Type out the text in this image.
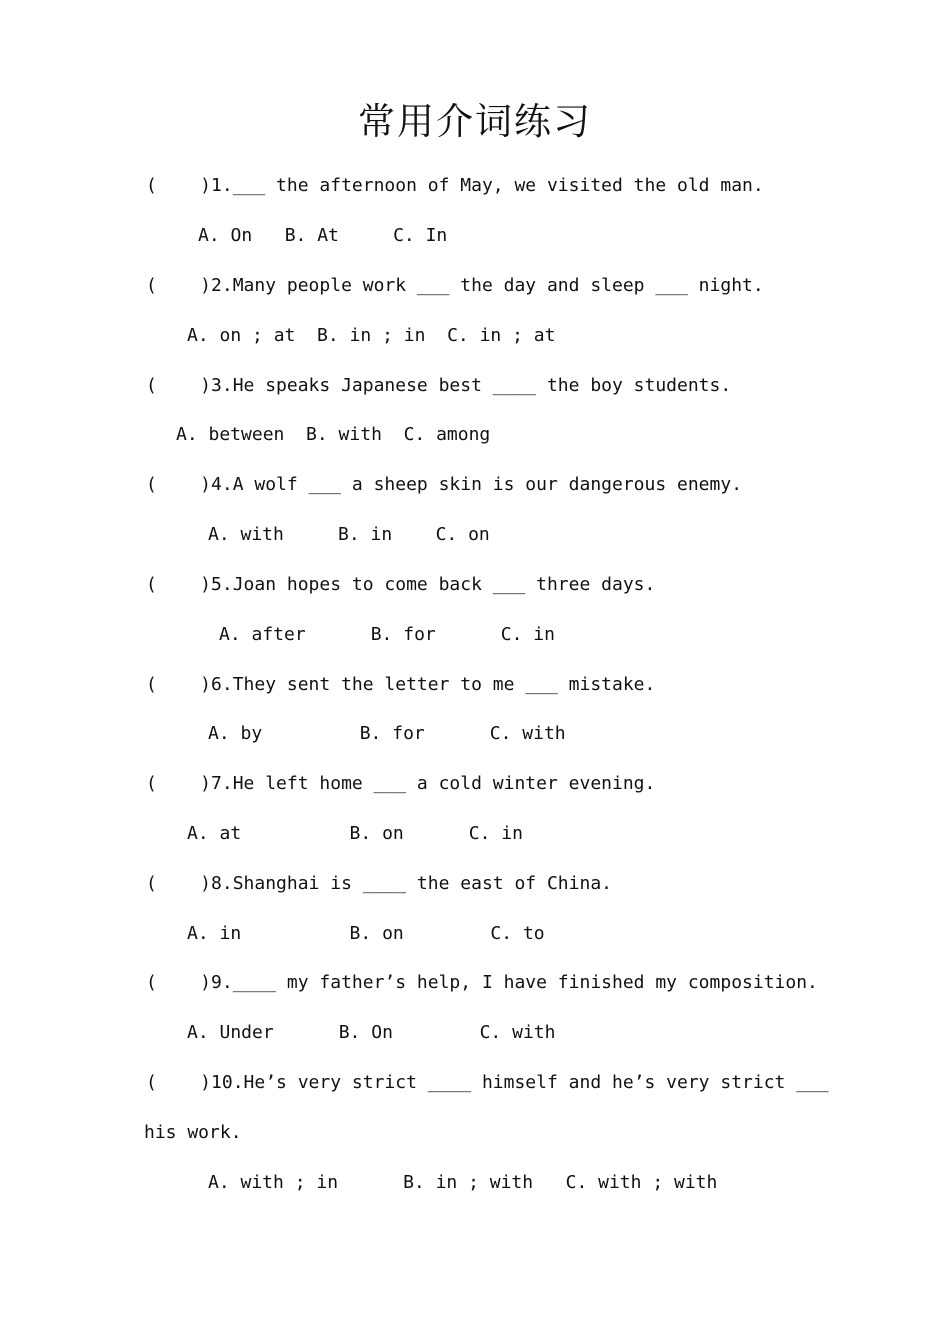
常用介词练习
(    )1.___ the afternoon of May, we visited the old man.
A. On   B. At     C. In
(    )2.Many people work ___ the day and sleep ___ night.
A. on ; at  B. in ; in  C. in ; at
(    )3.He speaks Japanese best ____ the boy students.
A. between  B. with  C. among
(    )4.A wolf ___ a sheep skin is our dangerous enemy.
A. with     B. in    C. on
(    )5.Joan hopes to come back ___ three days.
A. after      B. for      C. in
(    )6.They sent the letter to me ___ mistake.
A. by         B. for      C. with
(    )7.He left home ___ a cold winter evening.
A. at          B. on      C. in
(    )8.Shanghai is ____ the east of China.
A. in          B. on        C. to
(    )9.____ my father’s help, I have finished my composition.
A. Under      B. On        C. with
(    )10.He’s very strict ____ himself and he’s very strict ___
his work.
A. with ; in      B. in ; with   C. with ; with
